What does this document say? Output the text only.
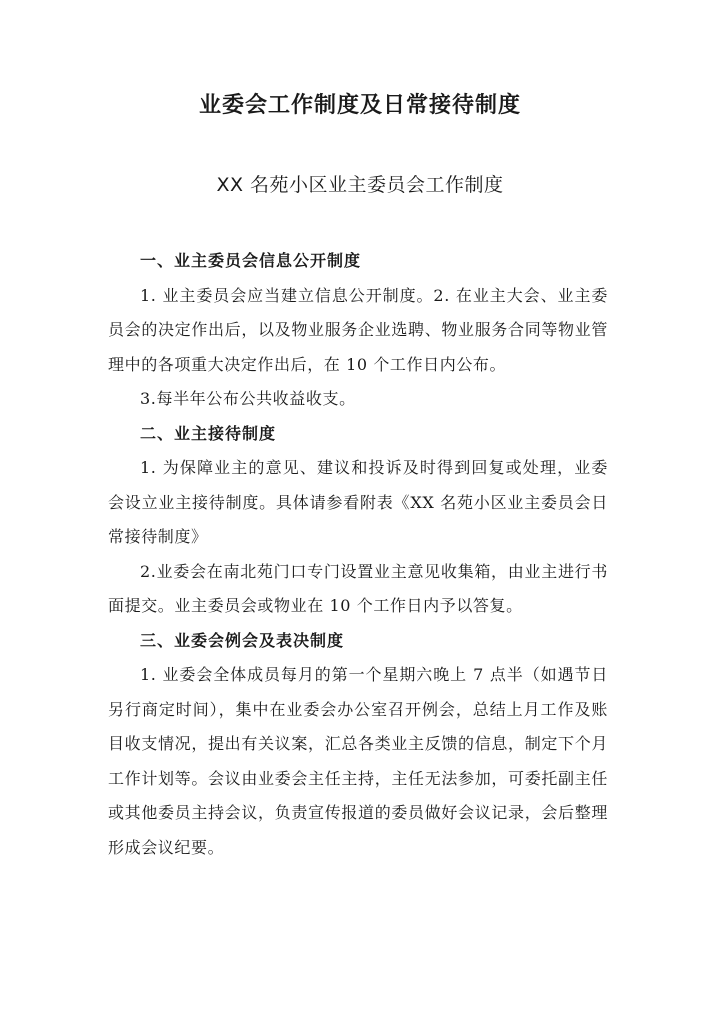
业委会工作制度及日常接待制度
XX 名苑小区业主委员会工作制度

一、业主委员会信息公开制度

1. 业主委员会应当建立信息公开制度。2. 在业主大会、业主委员会的决定作出后，以及物业服务企业选聘、物业服务合同等物业管理中的各项重大决定作出后，在 10 个工作日内公布。

3.每半年公布公共收益收支。

二、业主接待制度

1. 为保障业主的意见、建议和投诉及时得到回复或处理，业委会设立业主接待制度。具体请参看附表《XX 名苑小区业主委员会日常接待制度》

2.业委会在南北苑门口专门设置业主意见收集箱，由业主进行书面提交。业主委员会或物业在 10 个工作日内予以答复。

三、业委会例会及表决制度

1. 业委会全体成员每月的第一个星期六晚上 7 点半（如遇节日另行商定时间），集中在业委会办公室召开例会，总结上月工作及账目收支情况，提出有关议案，汇总各类业主反馈的信息，制定下个月工作计划等。会议由业委会主任主持，主任无法参加，可委托副主任或其他委员主持会议，负责宣传报道的委员做好会议记录，会后整理形成会议纪要。
